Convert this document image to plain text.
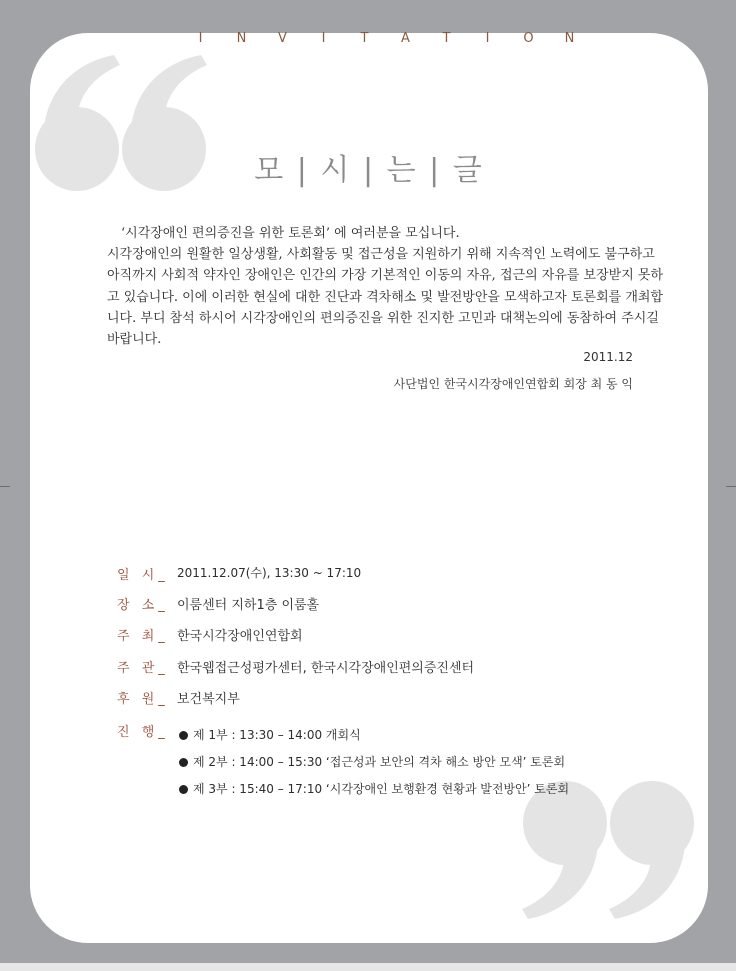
모 | 시 | 는 | 글

‘시각장애인 편의증진을 위한 토론회’ 에 여러분을 모십니다.

시각장애인의 원활한 일상생활, 사회활동 및 접근성을 지원하기 위해 지속적인 노력에도 불구하고 아직까지 사회적 약자인 장애인은 인간의 가장 기본적인 이동의 자유, 접근의 자유를 보장받지 못하고 있습니다. 이에 이러한 현실에 대한 진단과 격차해소 및 발전방안을 모색하고자 토론회를 개최합니다. 부디 참석 하시어 시각장애인의 편의증진을 위한 진지한 고민과 대책논의에 동참하여 주시길 바랍니다.

2011.12
사단법인 한국시각장애인연합회 회장 최 동 익
일 시_ 2011.12.07(수), 13:30 ~ 17:10
장 소_ 이룸센터 지하1층 이룸홀
주 최_ 한국시각장애인연합회
주 관_ 한국웹접근성평가센터, 한국시각장애인편의증진센터
후 원_ 보건복지부
진 행_	제 1부 : 13:30 – 14:00 개회식
제 2부 : 14:00 – 15:30 ‘접근성과 보안의 격차 해소 방안 모색’ 토론회
제 3부 : 15:40 – 17:10 ‘시각장애인 보행환경 현황과 발전방안’ 토론회
I	N V	I	T	A	T	I	O N
